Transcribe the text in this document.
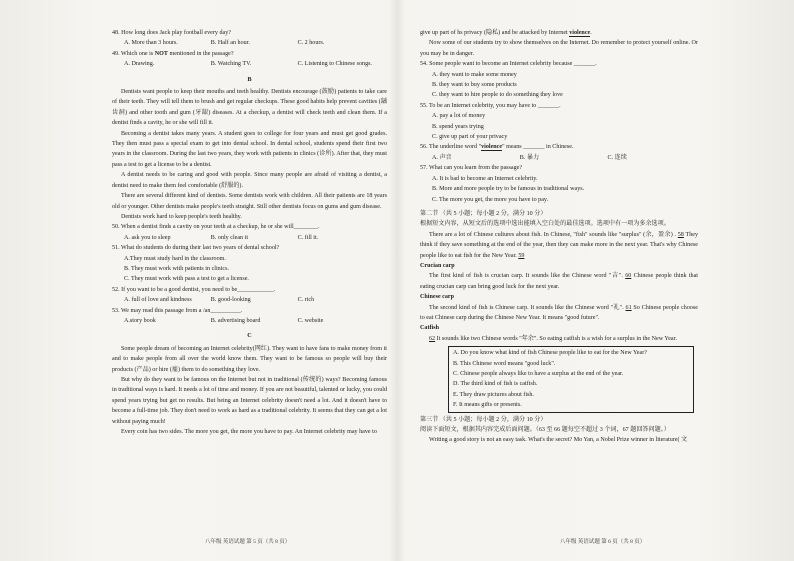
48. How long does Jack play football every day?

A. More than 3 hours.	B. Half an hour.	C. 2 hours.

49. Which one is NOT mentioned in the passage?

A. Drawing.	B. Watching TV.	C. Listening to Chinese songs.

B

Dentists want people to keep their mouths and teeth healthy. Dentists encourage (鼓励) patients to take care of their teeth. They will tell them to brush and get regular checkups. These good habits help prevent cavities (龋齿洞) and other tooth and gum (牙龈) diseases. At a checkup, a dentist will check teeth and clean them. If a dentist finds a cavity, he or she will fill it.

Becoming a dentist takes many years. A student goes to college for four years and must get good grades. They then must pass a special exam to get into dental school. In dental school, students spend their first two years in the classroom. During the last two years, they work with patients in clinics (诊所). After that, they must pass a test to get a license to be a dentist.

A dentist needs to be caring and good with people. Since many people are afraid of visiting a dentist, a dentist need to make them feel comfortable (舒服的).

There are several different kind of dentists. Some dentists work with children. All their patients are 18 years old or younger. Other dentists make people's teeth straight. Still other dentists focus on gums and gum disease.

Dentists work hard to keep people's teeth healthy.

50. When a dentist finds a cavity on your teeth at a checkup, he or she will________.

A. ask you to sleep	B. only clean it	C. fill it.

51. What do students do during their last two years of dental school?

A.They must study hard in the classroom.

B. They must work with patients in clinics.

C. They must work with pass a test to get a license.

52. If you want to be a good dentist, you need to be____________.

A. full of love and kindness	B. good-looking	C. rich

53. We may read this passage from a /an__________.

A.story book	B. advertising board	C. website

C

Some people dream of becoming an Internet celebrity(网红). They want to have fans to make money from it and to make people from all over the world know them. They want to be famous so people will buy their products (产品) or hire (雇) them to do something they love.

But why do they want to be famous on the Internet but not in traditional (传统的) ways? Becoming famous in traditional ways is hard. It needs a lot of time and money. If you are not beautiful, talented or lucky, you could spend years trying but get no results. But being an Internet celebrity doesn't need a lot. And it doesn't have to become a full-time job. They don't need to work as hard as a traditional celebrity. It seems that they can get a lot without paying much!

Every coin has two sides. The more you get, the more you have to pay. An Internet celebrity may have to

八年级 英语试题 第 5 页（共 8 页）

give up part of hs privacy (隐私) and be attacked by Internet violence.

Now some of our students try to show themselves on the Internet. Do remember to protect yourself online. Or you may be in danger.

54. Some people want to become an Internet celebrity because _______.

A. they want to make some money

B. they want to buy some products

C. they want to hire people to do something they love

55. To be an Internet celebrity, you may have to _______.

A. pay a lot of money

B. spend years trying

C. give up part of your privacy

56. The underline word "violence" means _______ in Chinese.

A. 声音	B. 暴力	C. 连续

57. What can you learn from the passage?

A. It is bad to become an Internet celebrity.

B. More and more people try to be famous in traditional ways.

C. The more you get, the more you have to pay.

第二节 （共 5 小题；每小题 2 分，满分 10 分）

根据短文内容，从短文后的选项中选出能填入空白处的最佳选项。选项中有一项为多余选项。

There are a lot of Chinese cultures about fish. In Chinese, "fish" sounds like "surplus" (余，盈余) . 58 They think if they save something at the end of the year, then they can make more in the next year. That's why Chinese people like to eat fish for the New Year. 59

Crucian carp

The first kind of fish is crucian carp. It sounds like the Chinese word "吉". 60 Chinese people think that eating crucian carp can bring good luck for the next year.

Chinese carp

The second kind of fish is Chinese carp. It sounds like the Chinese word "礼". 61 So Chinese people choose to eat Chinese carp during the Chinese New Year. It means "good future".

Catfish

62 It sounds like two Chinese words "年余". So eating catfish is a wish for a surplus in the New Year.

A. Do you know what kind of fish Chinese people like to eat for the New Year?

B. This Chinese word means "good luck".

C. Chinese people always like to have a surplus at the end of the year.

D. The third kind of fish is catfish.

E. They draw pictures about fish.

F. It means gifts or presents.

第三节 （共 5 小题；每小题 2 分，满分 10 分）

阅读下面短文，根据其内容完成后面问题。（63 至 66 题每空不超过 3 个词，67 题回答问题。）

Writing a good story is not an easy task. What's the secret? Mo Yan, a Nobel Prize winner in literature( 文

八年级 英语试题 第 6 页（共 8 页）
